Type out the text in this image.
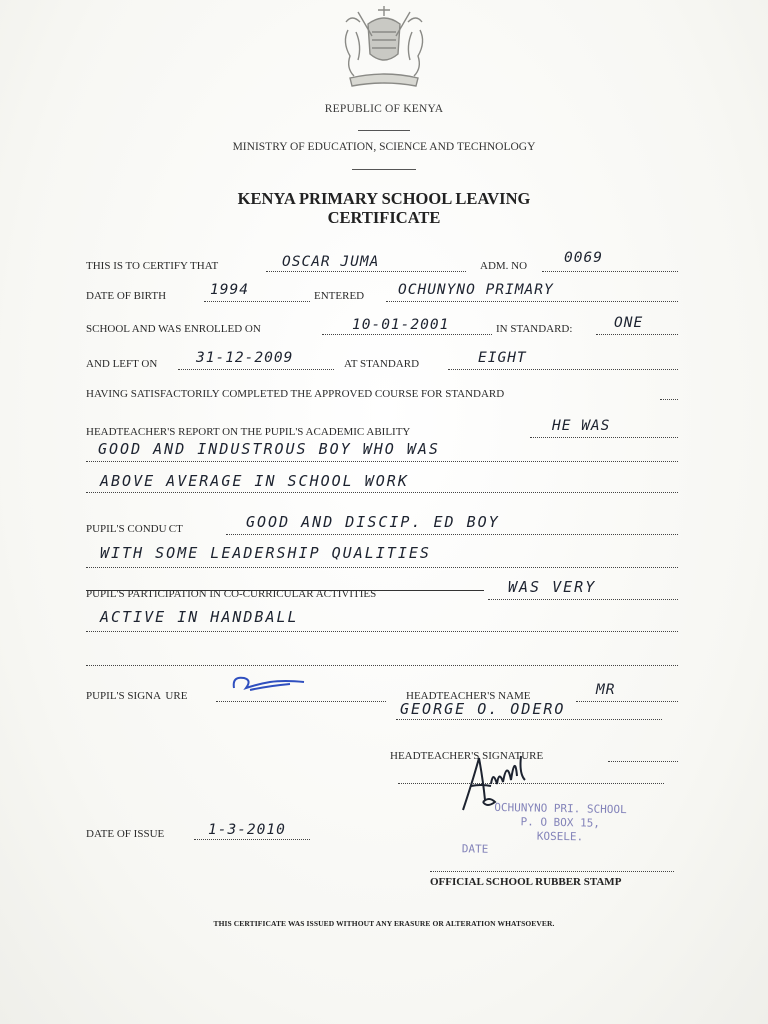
REPUBLIC OF KENYA
MINISTRY OF EDUCATION, SCIENCE AND TECHNOLOGY
KENYA PRIMARY SCHOOL LEAVING
CERTIFICATE
THIS IS TO CERTIFY THAT	OSCAR JUMA	ADM. NO	0069
DATE OF BIRTH	1994	ENTERED OCHUNYNO PRIMARY
SCHOOL AND WAS ENROLLED ON	10-01-2001	IN STANDARD:	ONE
AND LEFT ON	31-12-2009	AT STANDARD	EIGHT
HAVING SATISFACTORILY COMPLETED THE APPROVED COURSE FOR STANDARD
HEADTEACHER'S REPORT ON THE PUPIL'S ACADEMIC ABILITY	HE WAS
GOOD AND INDUSTROUS BOY WHO WAS
ABOVE AVERAGE IN SCHOOL WORK
PUPIL'S CONDU CT	GOOD AND DISCIP. ED BOY
WITH SOME LEADERSHIP QUALITIES
PUPIL'S PARTICIPATION IN CO-CURRICULAR ACTIVITIES	WAS VERY
ACTIVE IN HANDBALL
PUPIL'S SIGNA  URE	HEADTEACHER'S NAME	MR
GEORGE O. ODERO
HEADTEACHER'S SIGNATURE
DATE OF ISSUE	1-3-2010
OCHUNYNO PRI. SCHOOL
P. O BOX 15,
KOSELE.
DATE
OFFICIAL SCHOOL RUBBER STAMP
THIS CERTIFICATE WAS ISSUED WITHOUT ANY ERASURE OR ALTERATION WHATSOEVER.
